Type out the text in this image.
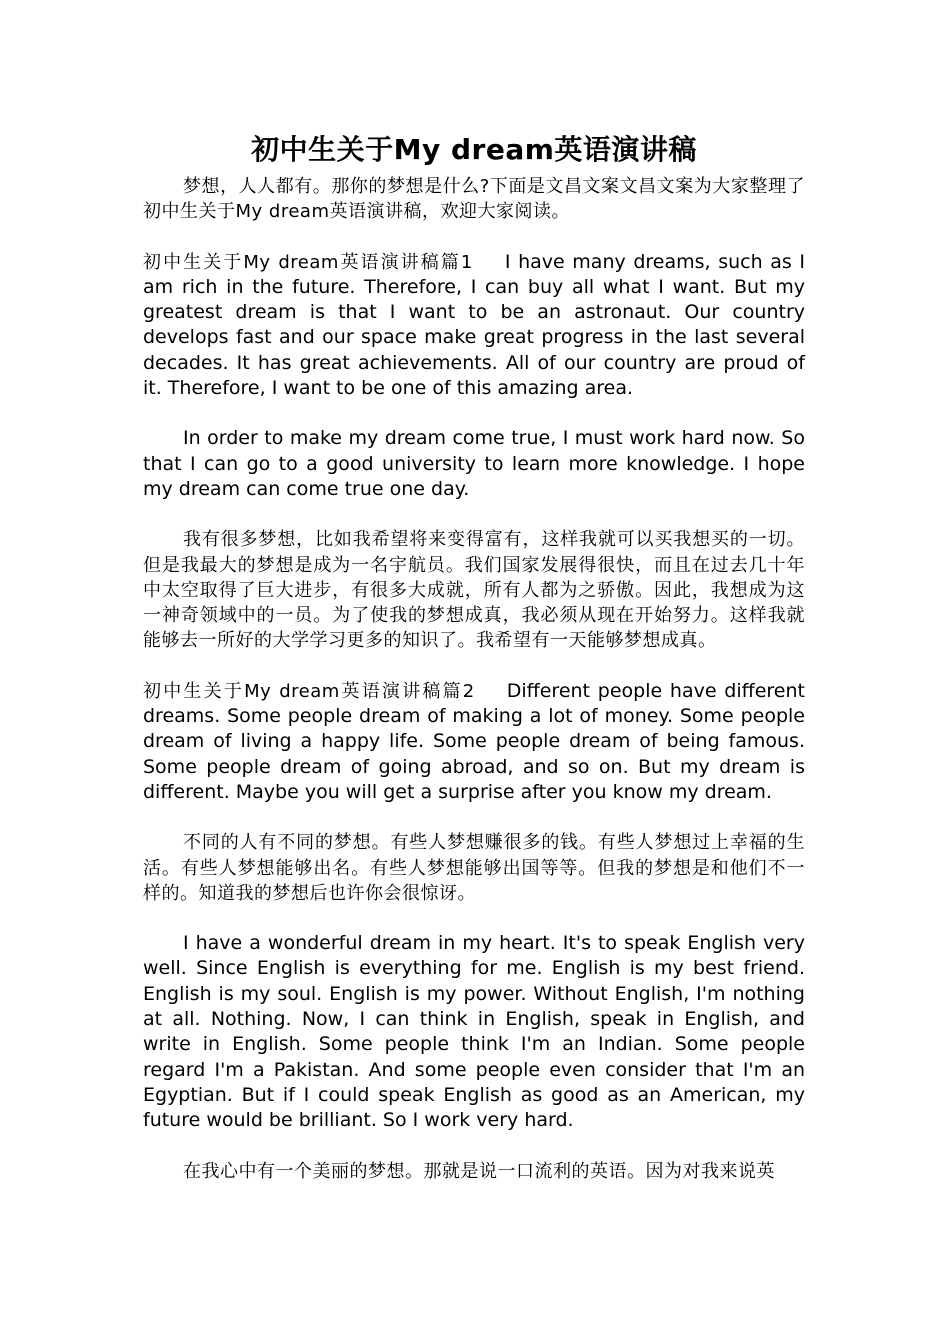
初中生关于My dream英语演讲稿

梦想，人人都有。那你的梦想是什么?下面是文昌文案文昌文案为大家整理了初中生关于My dream英语演讲稿，欢迎大家阅读。

初中生关于My dream英语演讲稿篇1 I have many dreams, such as I am rich in the future. Therefore, I can buy all what I want. But my greatest dream is that I want to be an astronaut. Our country develops fast and our space make great progress in the last several decades. It has great achievements. All of our country are proud of it. Therefore, I want to be one of this amazing area.

In order to make my dream come true, I must work hard now. So that I can go to a good university to learn more knowledge. I hope my dream can come true one day.

我有很多梦想，比如我希望将来变得富有，这样我就可以买我想买的一切。但是我最大的梦想是成为一名宇航员。我们国家发展得很快，而且在过去几十年中太空取得了巨大进步，有很多大成就，所有人都为之骄傲。因此，我想成为这一神奇领域中的一员。为了使我的梦想成真，我必须从现在开始努力。这样我就能够去一所好的大学学习更多的知识了。我希望有一天能够梦想成真。

初中生关于My dream英语演讲稿篇2 Different people have different dreams. Some people dream of making a lot of money. Some people dream of living a happy life. Some people dream of being famous. Some people dream of going abroad, and so on. But my dream is different. Maybe you will get a surprise after you know my dream.

不同的人有不同的梦想。有些人梦想赚很多的钱。有些人梦想过上幸福的生活。有些人梦想能够出名。有些人梦想能够出国等等。但我的梦想是和他们不一样的。知道我的梦想后也许你会很惊讶。

I have a wonderful dream in my heart. It's to speak English very well. Since English is everything for me. English is my best friend. English is my soul. English is my power. Without English, I'm nothing at all. Nothing. Now, I can think in English, speak in English, and write in English. Some people think I'm an Indian. Some people regard I'm a Pakistan. And some people even consider that I'm an Egyptian. But if I could speak English as good as an American, my future would be brilliant. So I work very hard.

在我心中有一个美丽的梦想。那就是说一口流利的英语。因为对我来说英
